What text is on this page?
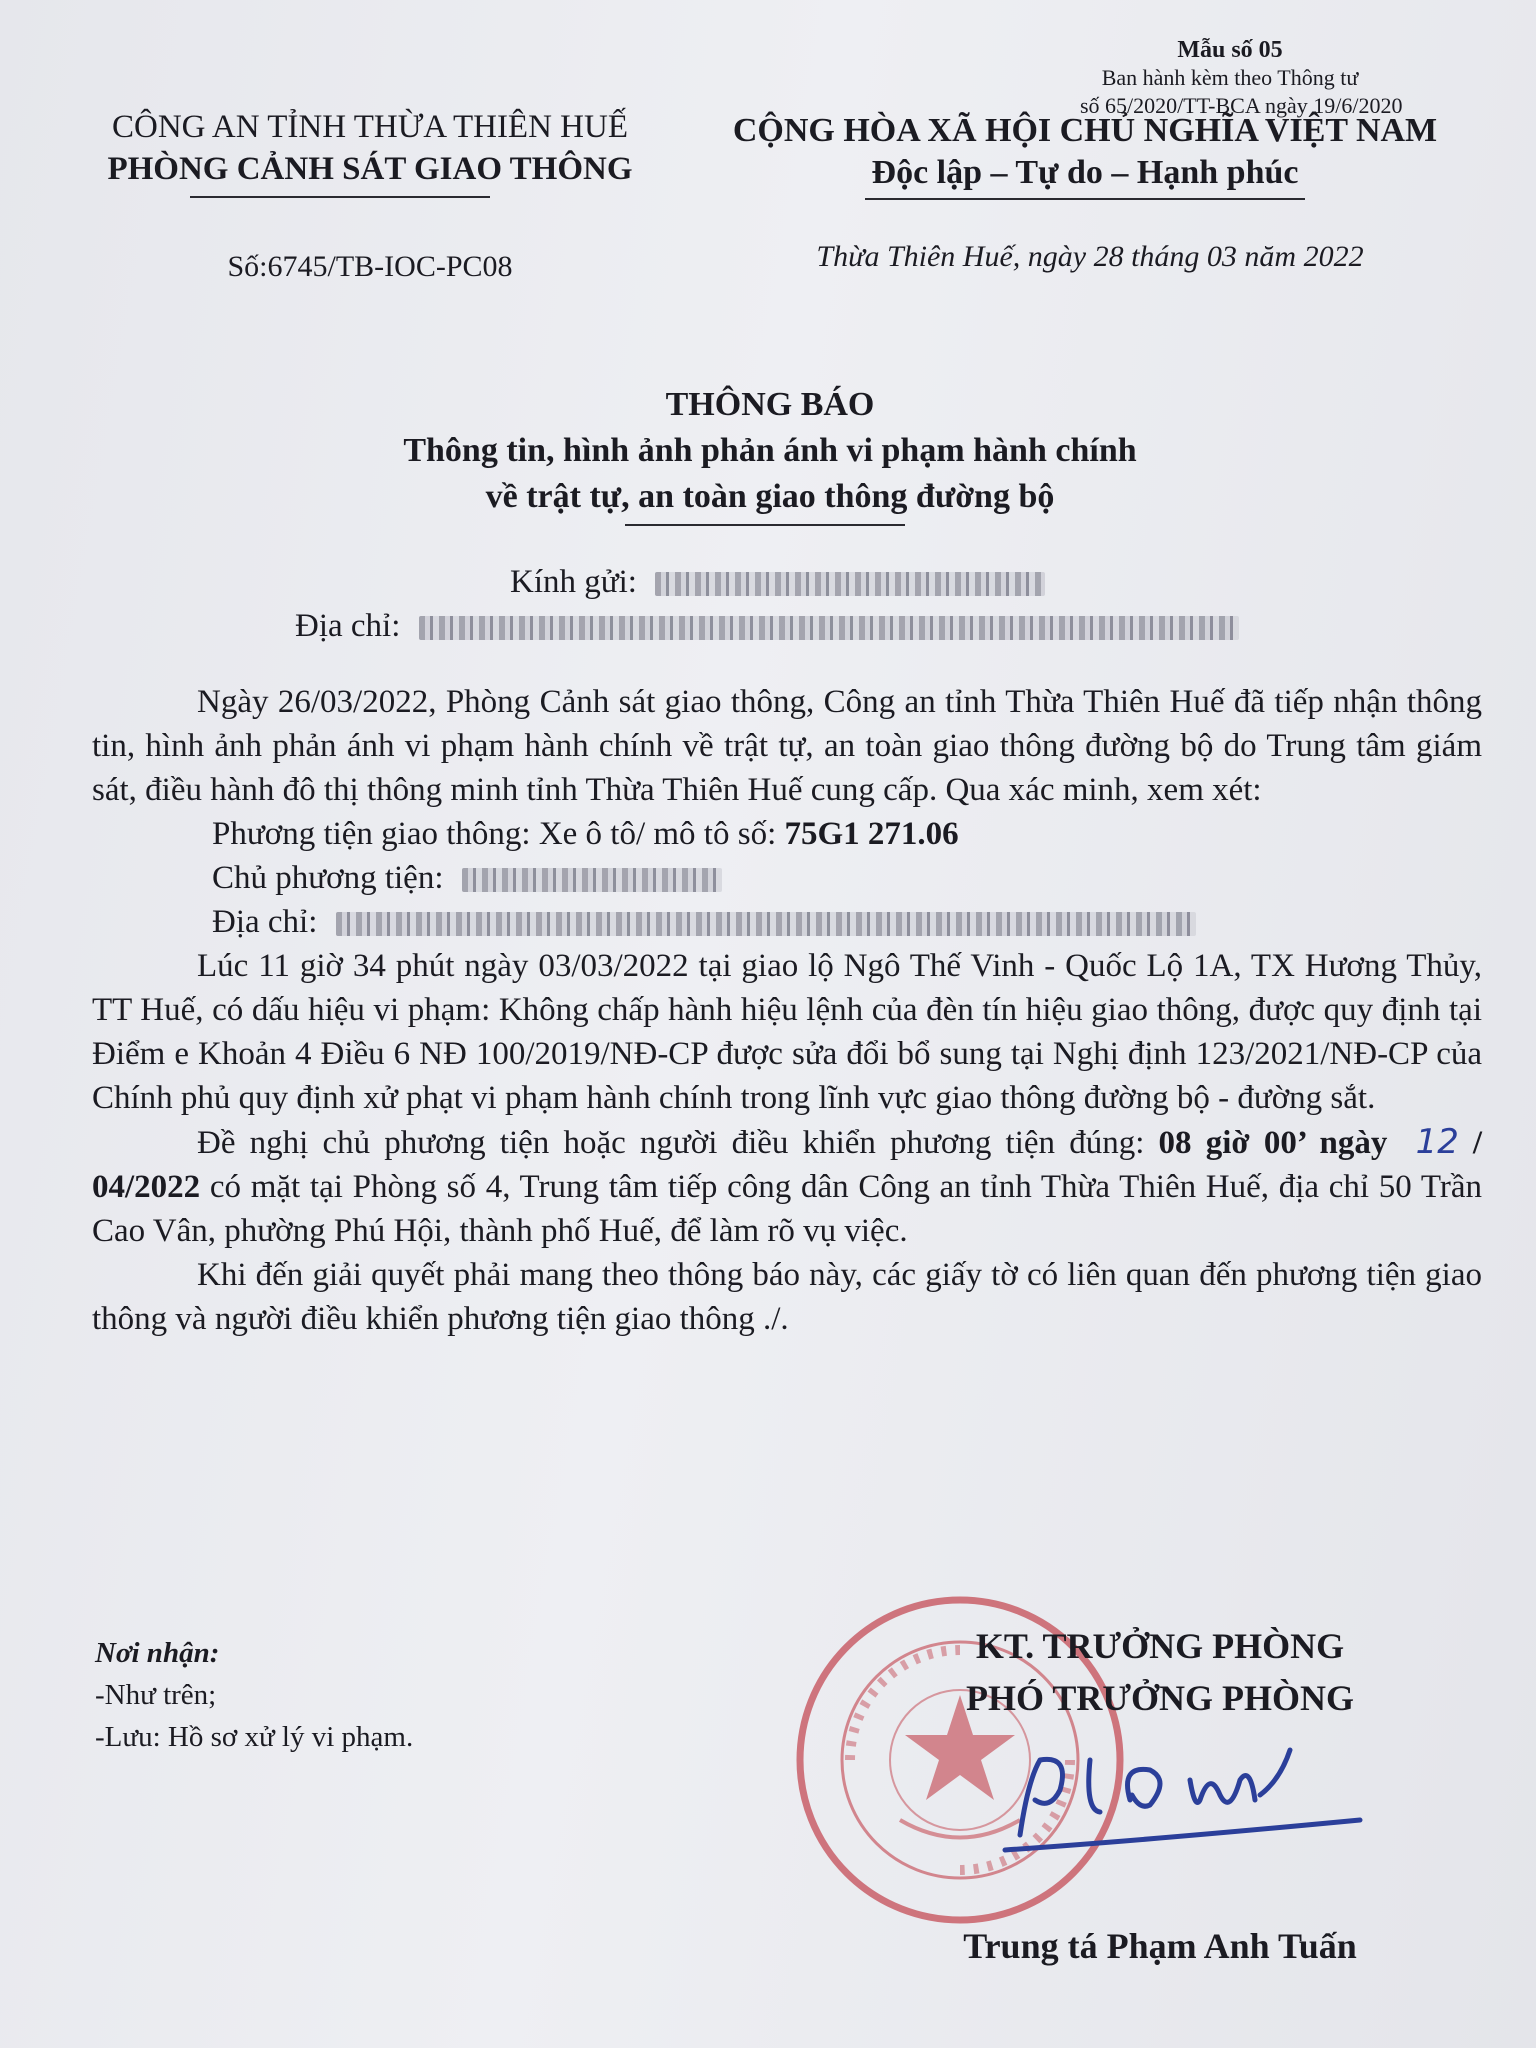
Mẫu số 05
Ban hành kèm theo Thông tư
số 65/2020/TT-BCA ngày 19/6/2020
CÔNG AN TỈNH THỪA THIÊN HUẾ
PHÒNG CẢNH SÁT GIAO THÔNG
CỘNG HÒA XÃ HỘI CHỦ NGHĨA VIỆT NAM
Độc lập – Tự do – Hạnh phúc
Số:6745/TB-IOC-PC08	Thừa Thiên Huế, ngày 28 tháng 03 năm 2022
THÔNG BÁO
Thông tin, hình ảnh phản ánh vi phạm hành chính
về trật tự, an toàn giao thông đường bộ
Kính gửi:
Địa chỉ:

Ngày 26/03/2022, Phòng Cảnh sát giao thông, Công an tỉnh Thừa Thiên Huế đã tiếp nhận thông tin, hình ảnh phản ánh vi phạm hành chính về trật tự, an toàn giao thông đường bộ do Trung tâm giám sát, điều hành đô thị thông minh tỉnh Thừa Thiên Huế cung cấp. Qua xác minh, xem xét:

Phương tiện giao thông: Xe ô tô/ mô tô số: 75G1 271.06

Chủ phương tiện:

Địa chỉ:

Lúc 11 giờ 34 phút ngày 03/03/2022 tại giao lộ Ngô Thế Vinh - Quốc Lộ 1A, TX Hương Thủy, TT Huế, có dấu hiệu vi phạm: Không chấp hành hiệu lệnh của đèn tín hiệu giao thông, được quy định tại Điểm e Khoản 4 Điều 6 NĐ 100/2019/NĐ-CP được sửa đổi bổ sung tại Nghị định 123/2021/NĐ-CP của Chính phủ quy định xử phạt vi phạm hành chính trong lĩnh vực giao thông đường bộ - đường sắt.

Đề nghị chủ phương tiện hoặc người điều khiển phương tiện đúng: 08 giờ 00’ ngày 12 / 04/2022 có mặt tại Phòng số 4, Trung tâm tiếp công dân Công an tỉnh Thừa Thiên Huế, địa chỉ 50 Trần Cao Vân, phường Phú Hội, thành phố Huế, để làm rõ vụ việc.

Khi đến giải quyết phải mang theo thông báo này, các giấy tờ có liên quan đến phương tiện giao thông và người điều khiển phương tiện giao thông ./.

Nơi nhận:
-Như trên;
-Lưu: Hồ sơ xử lý vi phạm.
KT. TRƯỞNG PHÒNG
PHÓ TRƯỞNG PHÒNG
Trung tá Phạm Anh Tuấn
